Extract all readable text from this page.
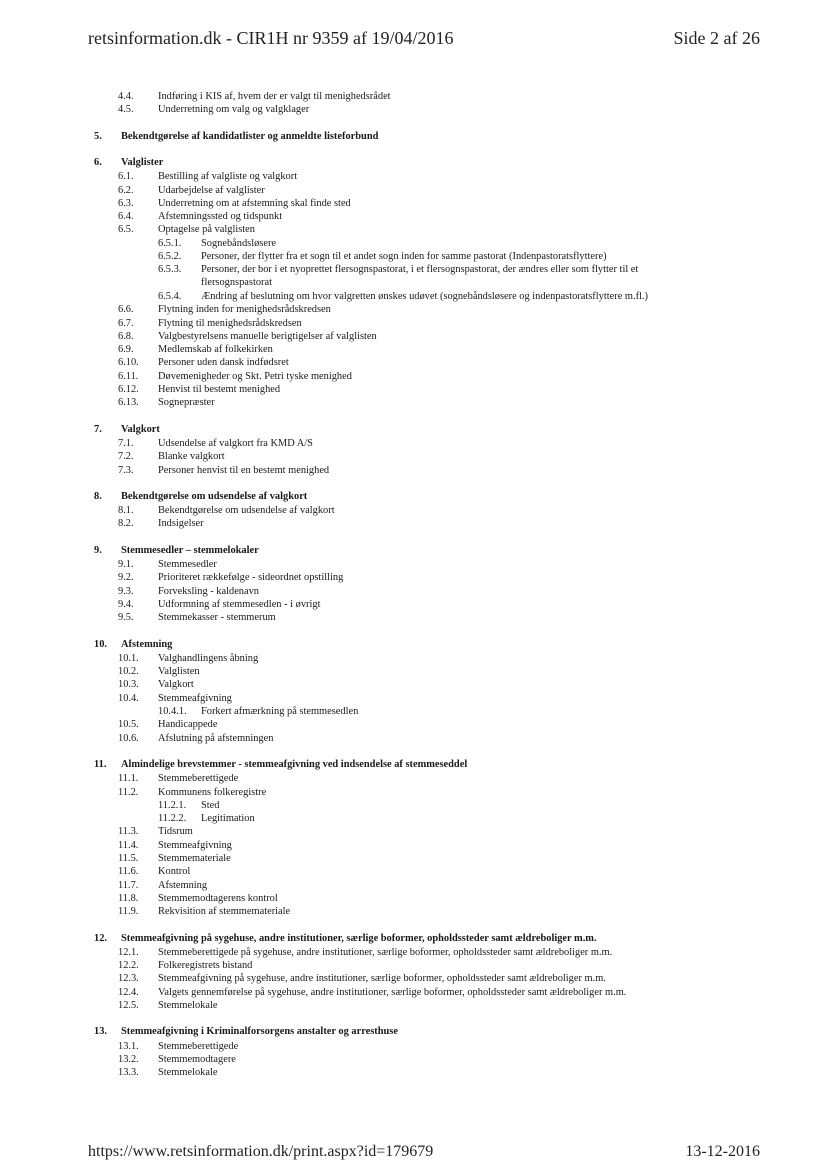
retsinformation.dk - CIR1H nr 9359 af 19/04/2016	Side 2 af 26
4.4. Indføring i KIS af, hvem der er valgt til menighedsrådet
4.5. Underretning om valg og valgklager
5. Bekendtgørelse af kandidatlister og anmeldte listeforbund
6. Valglister
6.1. Bestilling af valgliste og valgkort
6.2. Udarbejdelse af valglister
6.3. Underretning om at afstemning skal finde sted
6.4. Afstemningssted og tidspunkt
6.5. Optagelse på valglisten
6.5.1. Sognebåndsløsere
6.5.2. Personer, der flytter fra et sogn til et andet sogn inden for samme pastorat (Indenpastoratsflyttere)
6.5.3. Personer, der bor i et nyoprettet flersognspastorat, i et flersognspastorat, der ændres eller som flytter til et flersognspastorat
6.5.4. Ændring af beslutning om hvor valgretten ønskes udøvet (sognebåndsløsere og indenpastoratsflyttere m.fl.)
6.6. Flytning inden for menighedsrådskredsen
6.7. Flytning til menighedsrådskredsen
6.8. Valgbestyrelsens manuelle berigtigelser af valglisten
6.9. Medlemskab af folkekirken
6.10. Personer uden dansk indfødsret
6.11. Døvemenigheder og Skt. Petri tyske menighed
6.12. Henvist til bestemt menighed
6.13. Sognepræster
7. Valgkort
7.1. Udsendelse af valgkort fra KMD A/S
7.2. Blanke valgkort
7.3. Personer henvist til en bestemt menighed
8. Bekendtgørelse om udsendelse af valgkort
8.1. Bekendtgørelse om udsendelse af valgkort
8.2. Indsigelser
9. Stemmesedler – stemmelokaler
9.1. Stemmesedler
9.2. Prioriteret rækkefølge - sideordnet opstilling
9.3. Forveksling - kaldenavn
9.4. Udformning af stemmesedlen - i øvrigt
9.5. Stemmekasser - stemmerum
10. Afstemning
10.1. Valghandlingens åbning
10.2. Valglisten
10.3. Valgkort
10.4. Stemmeafgivning
10.4.1. Forkert afmærkning på stemmesedlen
10.5. Handicappede
10.6. Afslutning på afstemningen
11. Almindelige brevstemmer - stemmeafgivning ved indsendelse af stemmeseddel
11.1. Stemmeberettigede
11.2. Kommunens folkeregistre
11.2.1. Sted
11.2.2. Legitimation
11.3. Tidsrum
11.4. Stemmeafgivning
11.5. Stemmemateriale
11.6. Kontrol
11.7. Afstemning
11.8. Stemmemodtagerens kontrol
11.9. Rekvisition af stemmemateriale
12. Stemmeafgivning på sygehuse, andre institutioner, særlige boformer, opholdssteder samt ældreboliger m.m.
12.1. Stemmeberettigede på sygehuse, andre institutioner, særlige boformer, opholdssteder samt ældreboliger m.m.
12.2. Folkeregistrets bistand
12.3. Stemmeafgivning på sygehuse, andre institutioner, særlige boformer, opholdssteder samt ældreboliger m.m.
12.4. Valgets gennemførelse på sygehuse, andre institutioner, særlige boformer, opholdssteder samt ældreboliger m.m.
12.5. Stemmelokale
13. Stemmeafgivning i Kriminalforsorgens anstalter og arresthuse
13.1. Stemmeberettigede
13.2. Stemmemodtagere
13.3. Stemmelokale
https://www.retsinformation.dk/print.aspx?id=179679	13-12-2016
